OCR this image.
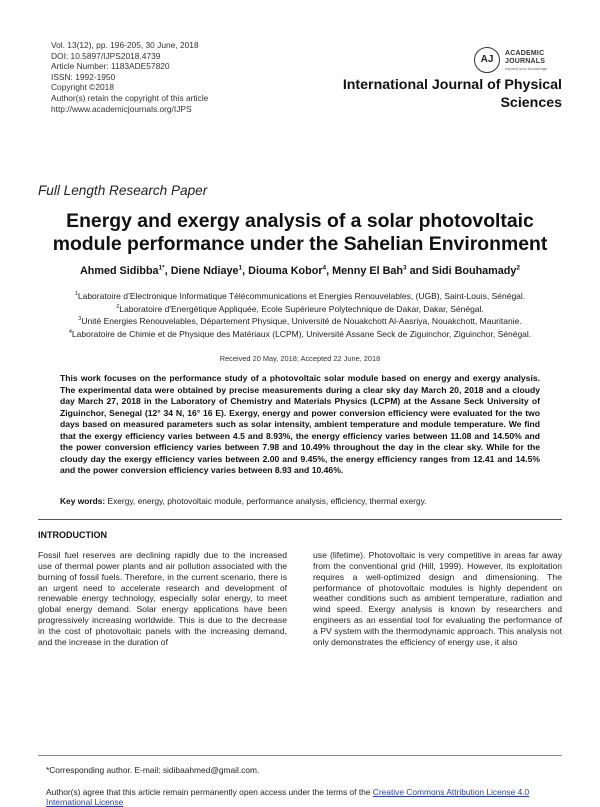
Vol. 13(12), pp. 196-205, 30 June, 2018
DOI: 10.5897/IJPS2018.4739
Article Number: 1183ADE57820
ISSN: 1992-1950
Copyright ©2018
Author(s) retain the copyright of this article
http://www.academicjournals.org/IJPS
AJ
ACADEMIC
JOURNALS
expand your knowledge
International Journal of Physical
Sciences
Full Length Research Paper
Energy and exergy analysis of a solar photovoltaic
module performance under the Sahelian Environment
Ahmed Sidibba$^{1*}$, Diene Ndiaye$^1$, Diouma Kobor$^4$, Menny El Bah$^3$ and Sidi Bouhamady$^2$
$^1$Laboratoire d’Electronique Informatique Télécommunications et Energies Renouvelables, (UGB), Saint-Louis, Sénégal.
$^2$Laboratoire d'Energétique Appliquée, Ecole Supérieure Polytechnique de Dakar, Dakar, Sénégal.
$^3$Unité Energies Renouvelables, Département Physique, Université de Nouakchott Al-Aasriya, Nouakchott, Mauritanie.
$^4$Laboratoire de Chimie et de Physique des Matériaux (LCPM), Université Assane Seck de Ziguinchor, Ziguinchor, Sénégal.
Received 20 May, 2018; Accepted 22 June, 2018
This work focuses on the performance study of a photovoltaic solar module based on energy and exergy analysis. The experimental data were obtained by precise measurements during a clear sky day March 20, 2018 and a cloudy day March 27, 2018 in the Laboratory of Chemistry and Materials Physics (LCPM) at the Assane Seck University of Ziguinchor, Senegal (12° 34 N, 16° 16 E). Exergy, energy and power conversion efficiency were evaluated for the two days based on measured parameters such as solar intensity, ambient temperature and module temperature. We find that the exergy efficiency varies between 4.5 and 8.93%, the energy efficiency varies between 11.08 and 14.50% and the power conversion efficiency varies between 7.98 and 10.49% throughout the day in the clear sky. While for the cloudy day the exergy efficiency varies between 2.00 and 9.45%, the energy efficiency ranges from 12.41 and 14.5% and the power conversion efficiency varies between 8.93 and 10.46%.
Key words: Exergy, energy, photovoltaic module, performance analysis, efficiency, thermal exergy.
INTRODUCTION
Fossil fuel reserves are declining rapidly due to the increased use of thermal power plants and air pollution associated with the burning of fossil fuels. Therefore, in the current scenario, there is an urgent need to accelerate research and development of renewable energy technology, especially solar energy, to meet global energy demand. Solar energy applications have been progressively increasing worldwide. This is due to the decrease in the cost of photovoltaic panels with the increasing demand, and the increase in the duration of
use (lifetime). Photovoltaic is very competitive in areas far away from the conventional grid (Hill, 1999). However, its exploitation requires a well-optimized design and dimensioning. The performance of photovoltaic modules is highly dependent on weather conditions such as ambient temperature, radiation and wind speed. Exergy analysis is known by researchers and engineers as an essential tool for evaluating the performance of a PV system with the thermodynamic approach. This analysis not only demonstrates the efficiency of energy use, it also
*Corresponding author. E-mail: sidibaahmed@gmail.com.
Author(s) agree that this article remain permanently open access under the terms of the Creative Commons Attribution License 4.0 International License
